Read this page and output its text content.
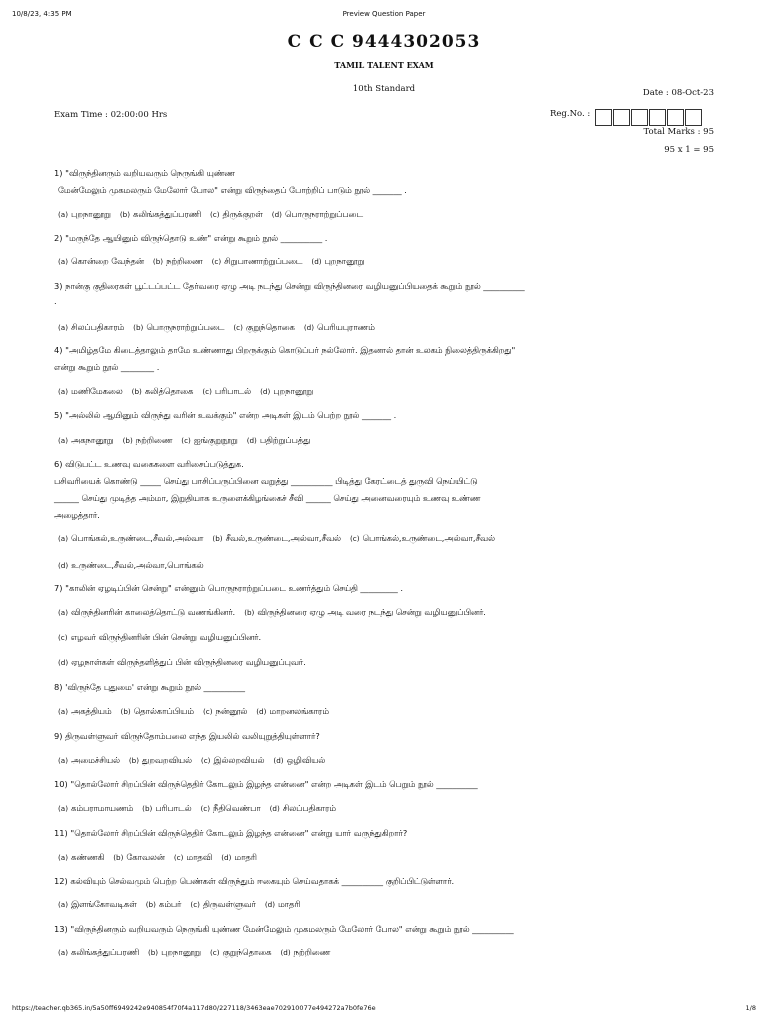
10/8/23, 4:35 PM	Preview Question Paper
C C C 9444302053
TAMIL TALENT EXAM
10th Standard	Date : 08-Oct-23
Exam Time : 02:00:00 Hrs	Reg.No. :
Total Marks : 95
95 x 1 = 95
1) "விருந்தினரும் வறியவரும் நெருங்கி யுண்ண
மேன்மேலும் முகமலரும் மேலோர் போல" என்று விருந்தைப் போற்றிப் பாடும் நூல் _______ .
(a) புறநானூறு (b) கலிங்கத்துப்பரணி (c) திருக்குறள் (d) பொருநராற்றுப்படை
2) "மருந்தே ஆயினும் விருந்தொடு உண்" என்று கூறும் நூல் __________ .
(a) கொன்றை வேந்தன் (b) நற்றிணை (c) சிறுபாணாற்றுப்படை (d) புறநானூறு
3) நான்கு குதிரைகள் பூட்டப்பட்ட தேர்வரை ஏழு அடி நடந்து சென்று விருந்தினரை வழியனுப்பியதைக் கூறும் நூல் __________
.
(a) சிலப்பதிகாரம் (b) பொருநராற்றுப்படை (c) குறுந்தொகை (d) பெரியபுராணம்
4) "அமிழ்தமே கிடைத்தாலும் தாமே உண்ணாது பிறருக்கும் கொடுப்பர் நல்லோர். இதனால் தான் உலகம் நிலைத்திருக்கிறது"
என்று கூறும் நூல் ________ .
(a) மணிமேகலை (b) கலித்தொகை (c) பரிபாடல் (d) புறநானூறு
5) "அல்லில் ஆயினும் விருந்து வரின் உவக்கும்" என்ற அடிகள் இடம் பெற்ற நூல் _______ .
(a) அகநானூறு (b) நற்றிணை (c) ஐங்குறுநூறு (d) பதிற்றுப்பத்து
6) விடுபட்ட உணவு வகைகளை வரிசைப்படுத்துக.
பசிவரியைக் கொண்டு _____ செய்து பாசிப்பருப்பினை வறுத்து __________ பிடித்து கேரட்டைத் துருவி நெய்யிட்டு
______ செய்து முடித்த அம்மா, இறுதியாக உருளைக்கிழங்கைச் சீவி ______ செய்து அனைவரையும் உணவு உண்ண
அழைத்தார்.
(a) பொங்கல்,உருண்டை,சீவல்,அல்வா (b) சீவல்,உருண்டை,அல்வா,சீவல் (c) பொங்கல்,உருண்டை,அல்வா,சீவல்
(d) உருண்டை,சீவல்,அல்வா,பொங்கல்
7) "காலின் ஏழடிப்பின் சென்று" என்னும் பொருநராற்றுப்படை உணர்த்தும் செய்தி _________ .
(a) விருந்தினரின் காலைத்தொட்டு வணங்கினர். (b) விருந்தினரை ஏழு அடி வரை நடந்து சென்று வழியனுப்பினர்.
(c) எழவர் விருந்தினரின் பின் சென்று வழியனுப்பினர்.
(d) ஏழநாள்கள் விருந்தளித்துப் பின் விருந்தினரை வழியனுப்புவர்.
8) 'விருந்தே புதுமை' என்று கூறும் நூல் __________
(a) அகத்தியம் (b) தொல்காப்பியம் (c) நன்னூல் (d) மாறனலங்காரம்
9) திருவள்ளுவர் விருந்தோம்பலை எந்த இயலில் வலியுறுத்தியுள்ளார்?
(a) அமைச்சியல் (b) துறவறவியல் (c) இல்லறவியல் (d) ஒழிவியல்
10) "தொல்லோர் சிறப்பின் விருந்தெதிர் கோடலும் இழந்த என்னை" என்ற அடிகள் இடம் பெறும் நூல் __________
(a) கம்பராமாயணம் (b) பரிபாடல் (c) நீதிவெண்பா (d) சிலப்பதிகாரம்
11) "தொல்லோர் சிறப்பின் விருந்தெதிர் கோடலும் இழந்த என்னை" என்று யார் வருந்துகிறார்?
(a) கண்ணகி (b) கோவலன் (c) மாதவி (d) மாதரி
12) கல்வியும் செல்வமும் பெற்ற பெண்கள் விருந்தும் ஈகையும் செய்வதாகக் __________ குறிப்பிட்டுள்ளார்.
(a) இளங்கோவடிகள் (b) கம்பர் (c) திருவள்ளுவர் (d) மாதரி
13) "விருந்தினரும் வறியவரும் நெருங்கி யுண்ண மேன்மேலும் முகமலரும் மேலோர் போல" என்று கூறும் நூல் __________
(a) கலிங்கத்துப்பரணி (b) புறநானூறு (c) குறுந்தொகை (d) நற்றிணை
https://teacher.qb365.in/5a50ff6949242e940854f70f4a117d80/227118/3463eae702910077e494272a7b0fe76e	1/8
